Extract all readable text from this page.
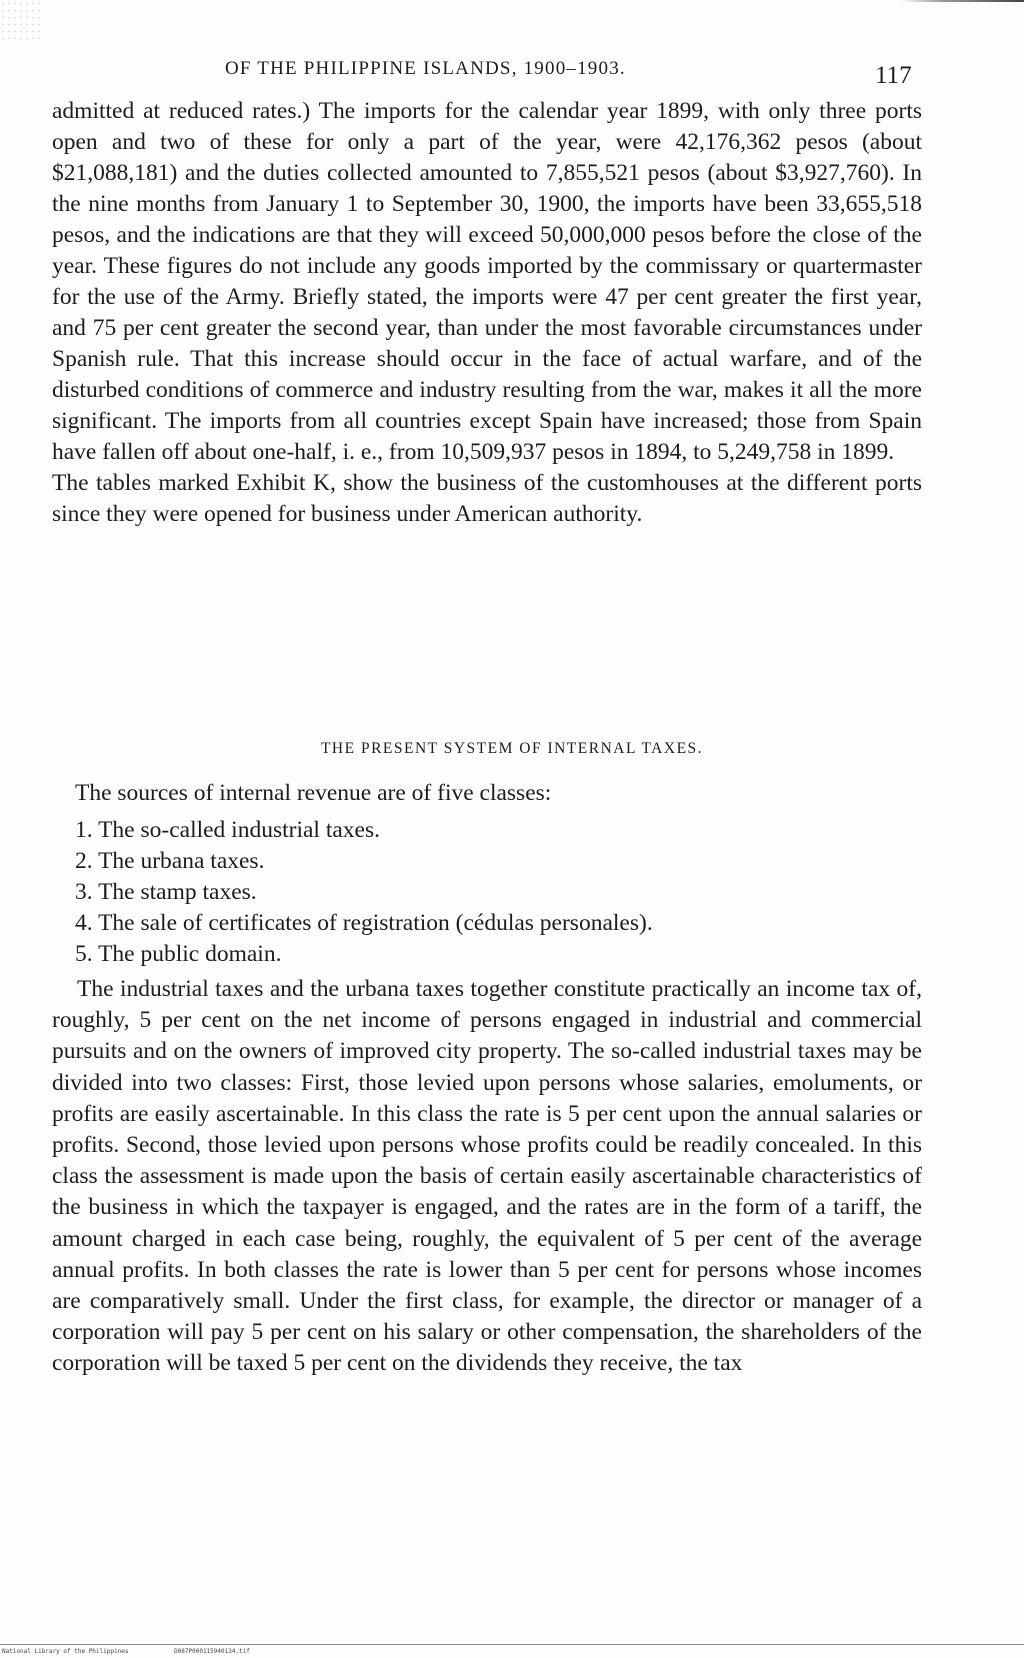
OF THE PHILIPPINE ISLANDS, 1900–1903.	117

admitted at reduced rates.) The imports for the calendar year 1899, with only three ports open and two of these for only a part of the year, were 42,176,362 pesos (about $21,088,181) and the duties collected amounted to 7,855,521 pesos (about $3,927,760). In the nine months from January 1 to September 30, 1900, the imports have been 33,655,518 pesos, and the indications are that they will exceed 50,000,000 pesos before the close of the year. These figures do not include any goods imported by the commissary or quartermaster for the use of the Army. Briefly stated, the imports were 47 per cent greater the first year, and 75 per cent greater the second year, than under the most favorable circumstances under Spanish rule. That this increase should occur in the face of actual warfare, and of the disturbed conditions of commerce and industry resulting from the war, makes it all the more significant. The imports from all countries except Spain have increased; those from Spain have fallen off about one-half, i. e., from 10,509,937 pesos in 1894, to 5,249,758 in 1899.

The tables marked Exhibit K, show the business of the customhouses at the different ports since they were opened for business under American authority.

THE PRESENT SYSTEM OF INTERNAL TAXES.
The sources of internal revenue are of five classes:
1. The so-called industrial taxes.
2. The urbana taxes.
3. The stamp taxes.
4. The sale of certificates of registration (cédulas personales).
5. The public domain.

The industrial taxes and the urbana taxes together constitute practically an income tax of, roughly, 5 per cent on the net income of persons engaged in industrial and commercial pursuits and on the owners of improved city property. The so-called industrial taxes may be divided into two classes: First, those levied upon persons whose salaries, emoluments, or profits are easily ascertainable. In this class the rate is 5 per cent upon the annual salaries or profits. Second, those levied upon persons whose profits could be readily concealed. In this class the assessment is made upon the basis of certain easily ascertainable characteristics of the business in which the taxpayer is engaged, and the rates are in the form of a tariff, the amount charged in each case being, roughly, the equivalent of 5 per cent of the average annual profits. In both classes the rate is lower than 5 per cent for persons whose incomes are comparatively small. Under the first class, for example, the director or manager of a corporation will pay 5 per cent on his salary or other compensation, the shareholders of the corporation will be taxed 5 per cent on the dividends they receive, the tax

National Library of the Philippines	D087P000115940134.tif
